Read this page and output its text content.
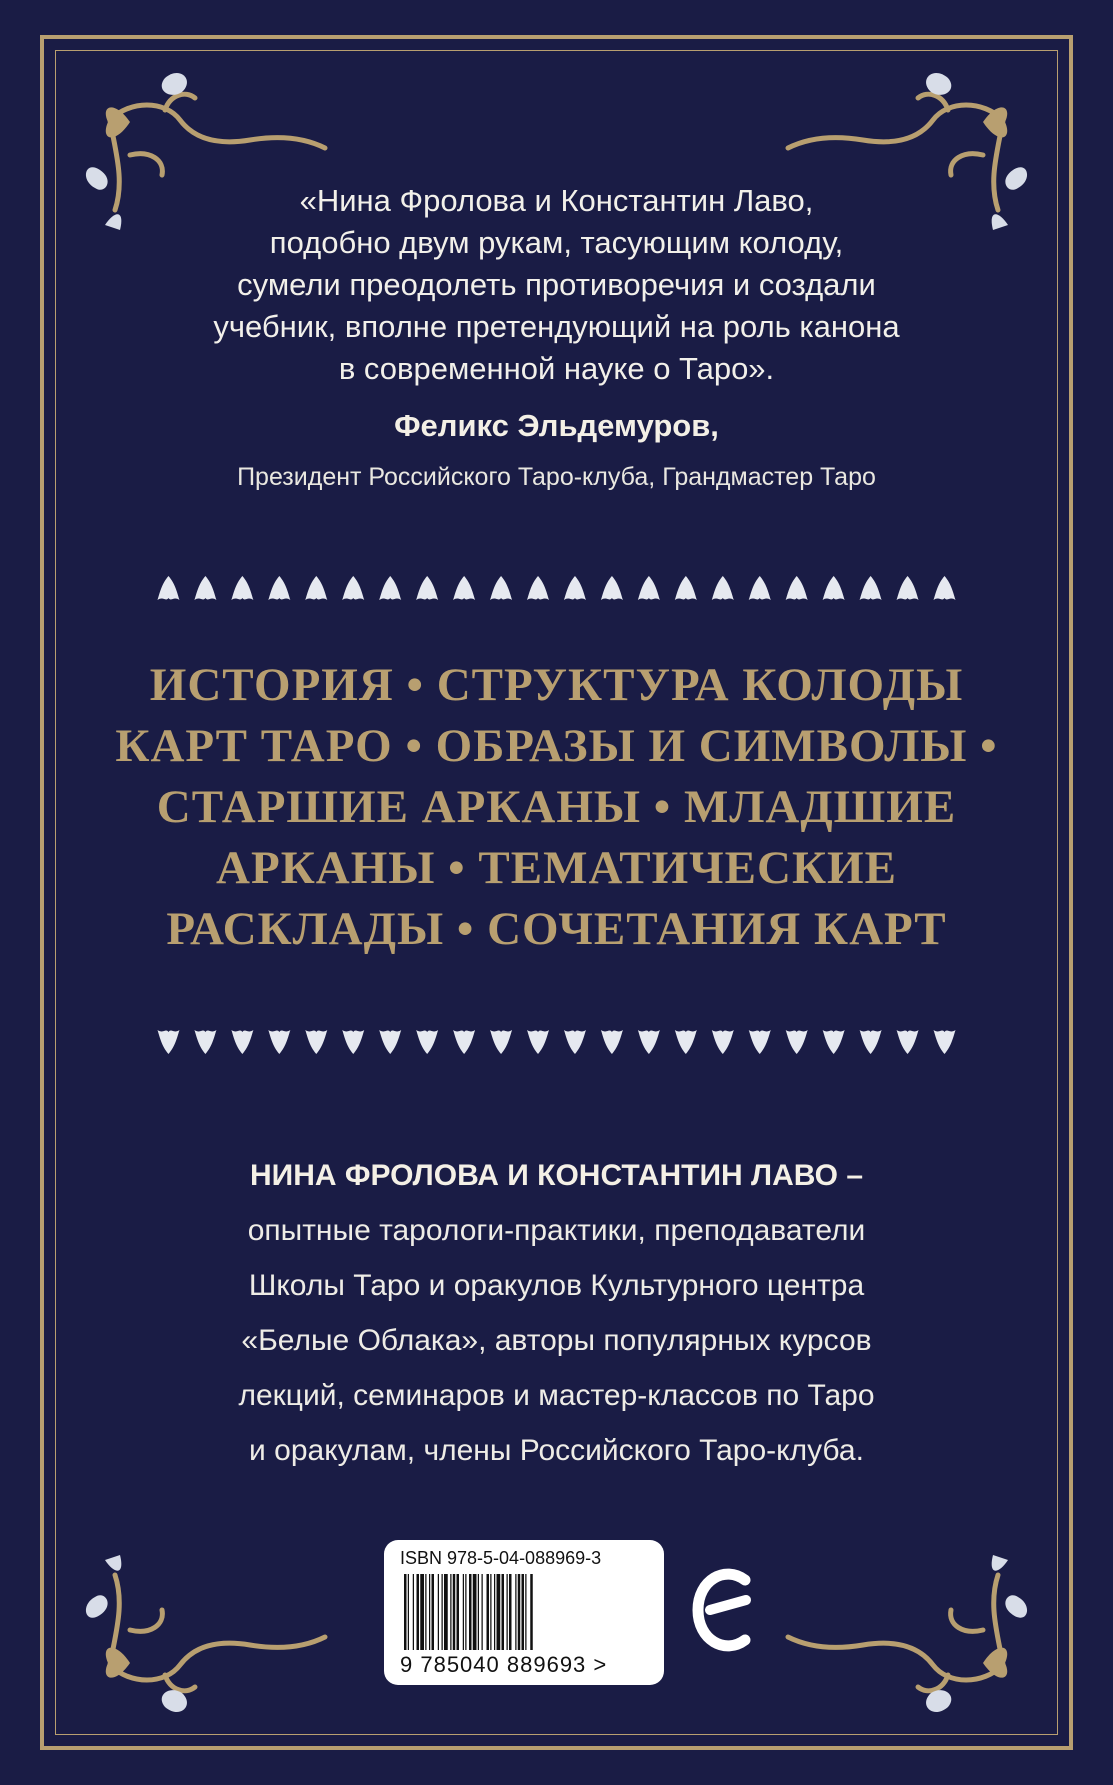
«Нина Фролова и Константин Лаво,
подобно двум рукам, тасующим колоду,
сумели преодолеть противоречия и создали
учебник, вполне претендующий на роль канона
в современной науке о Таро».
Феликс Эльдемуров,
Президент Российского Таро-клуба, Грандмастер Таро
ИСТОРИЯ • СТРУКТУРА КОЛОДЫ
КАРТ ТАРО • ОБРАЗЫ И СИМВОЛЫ •
СТАРШИЕ АРКАНЫ • МЛАДШИЕ
АРКАНЫ • ТЕМАТИЧЕСКИЕ
РАСКЛАДЫ • СОЧЕТАНИЯ КАРТ
НИНА ФРОЛОВА И КОНСТАНТИН ЛАВО –
опытные тарологи-практики, преподаватели
Школы Таро и оракулов Культурного центра
«Белые Облака», авторы популярных курсов
лекций, семинаров и мастер-классов по Таро
и оракулам, члены Российского Таро-клуба.
ISBN 978-5-04-088969-3
9 785040 889693 >
